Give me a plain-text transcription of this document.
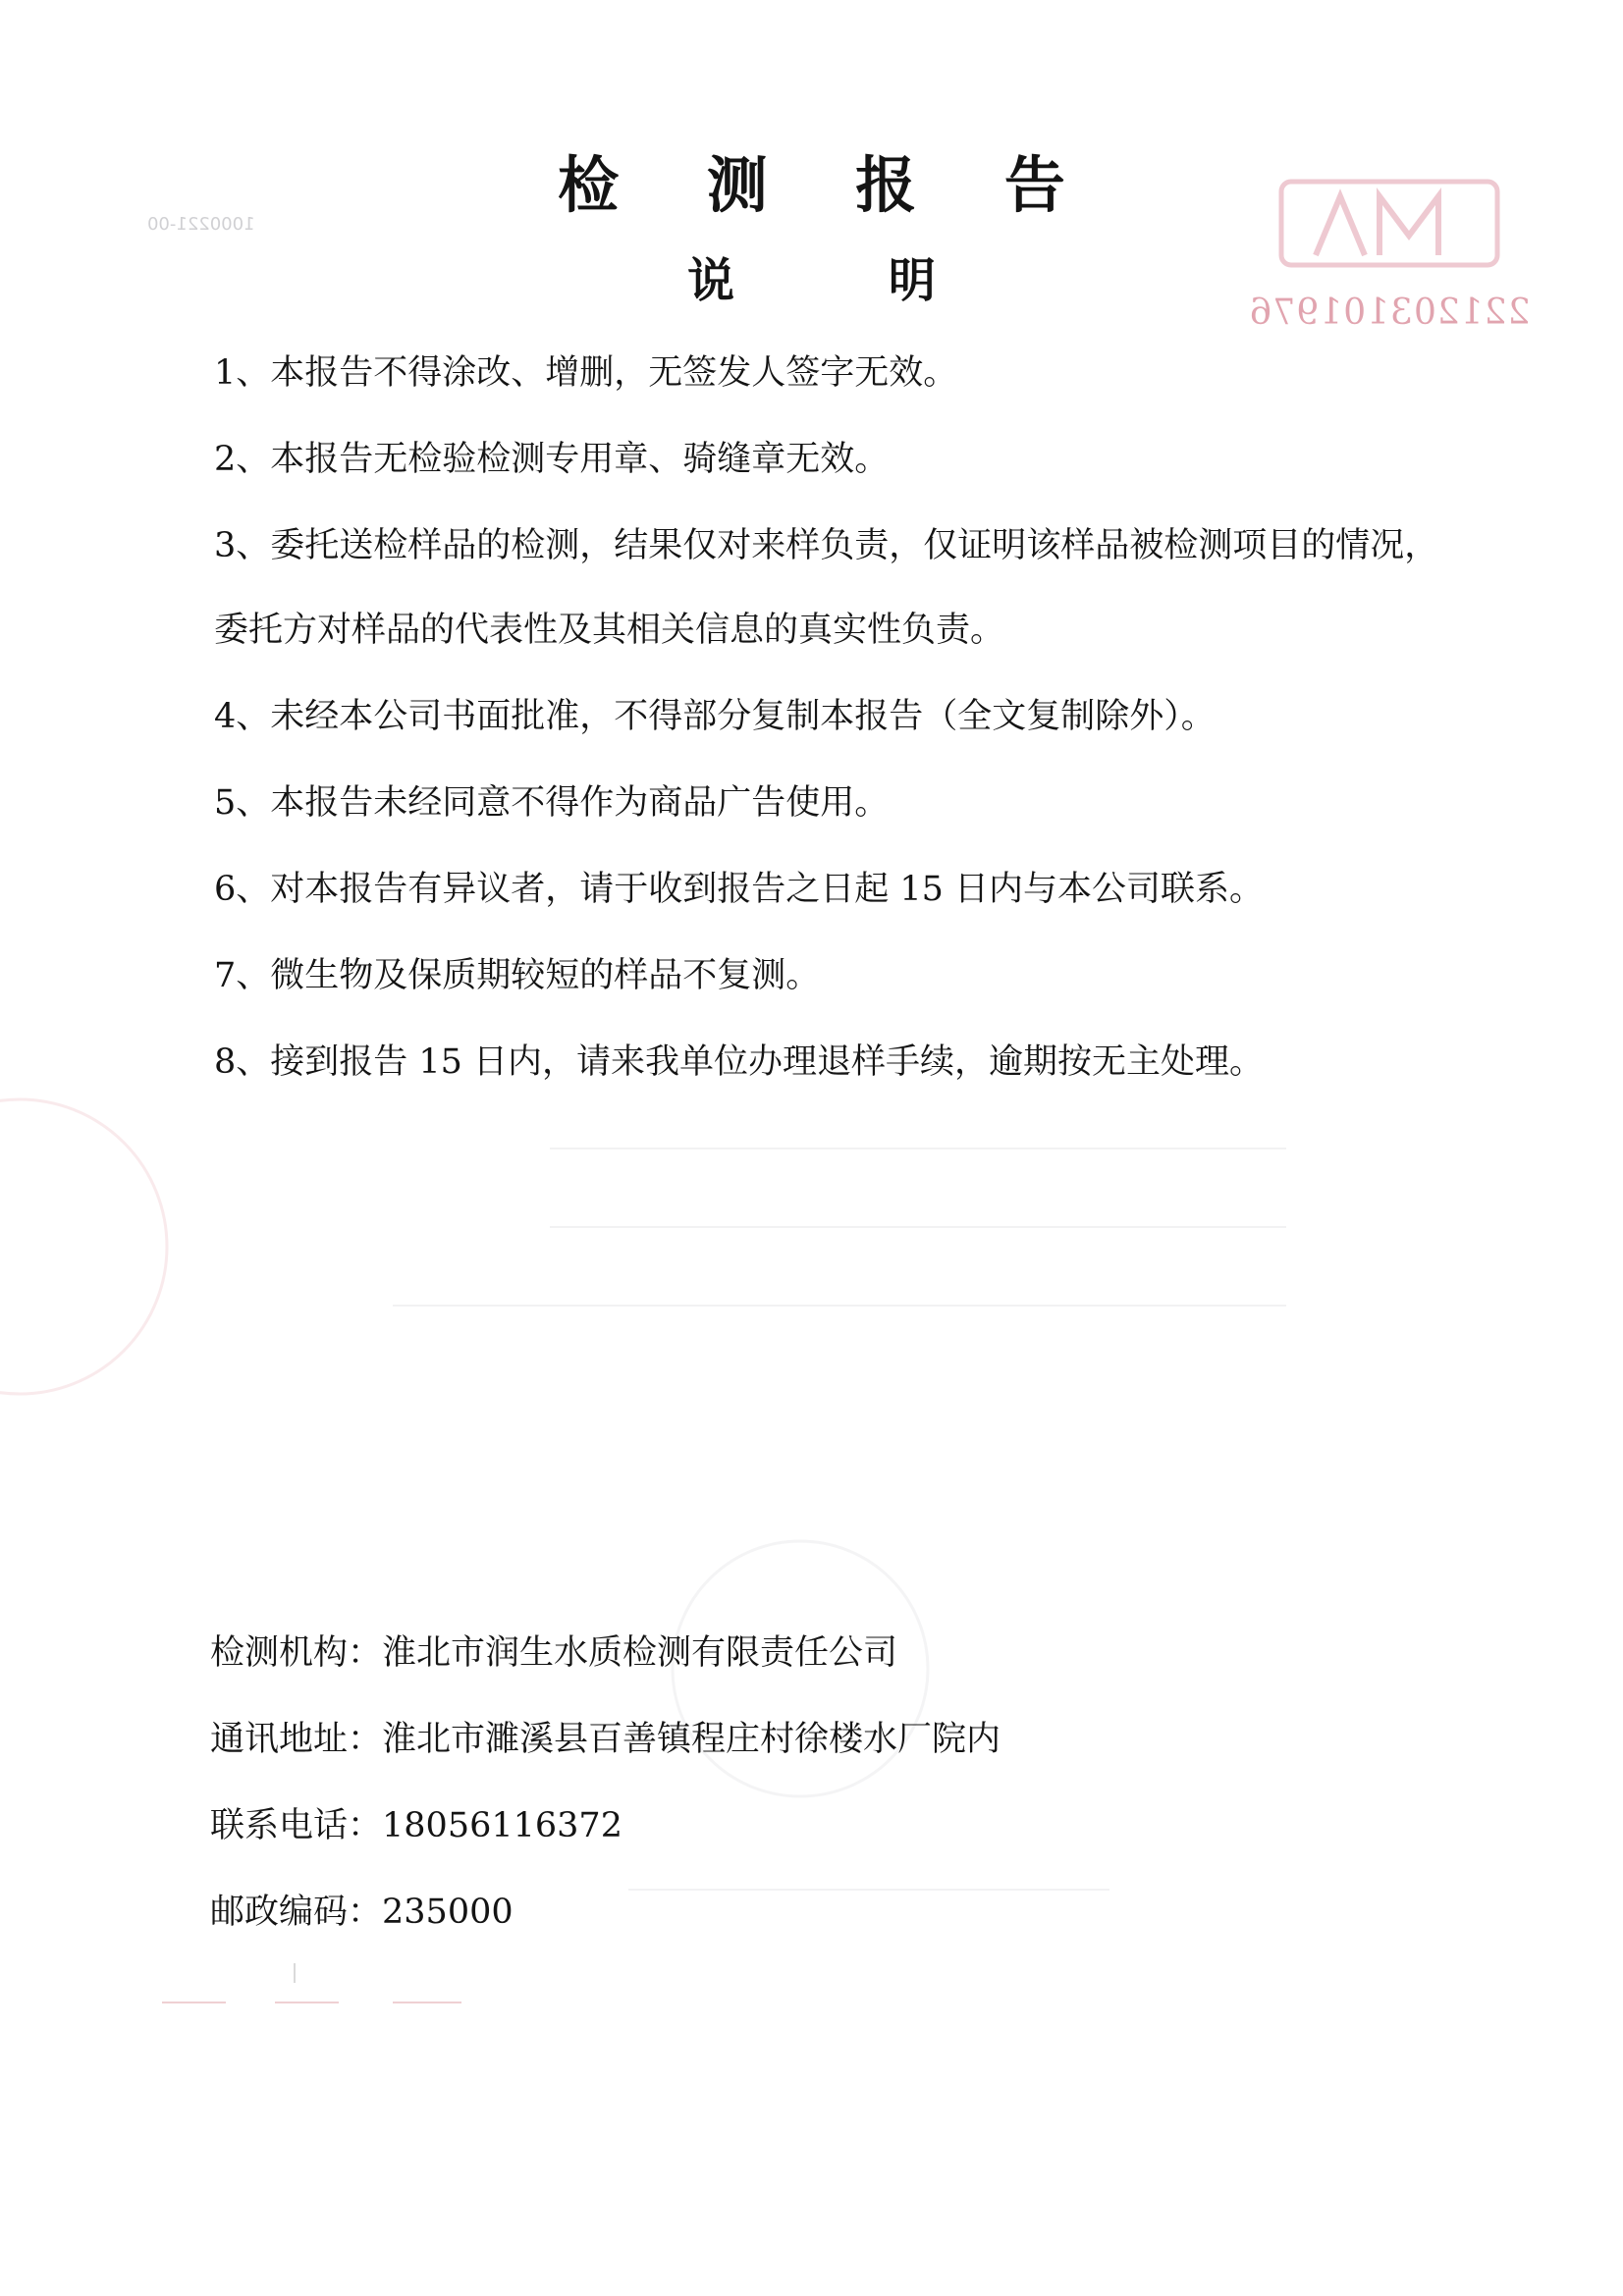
221203101976
1000221-00
检 测 报 告
说 明
1、本报告不得涂改、增删，无签发人签字无效。
2、本报告无检验检测专用章、骑缝章无效。
3、委托送检样品的检测，结果仅对来样负责，仅证明该样品被检测项目的情况，
委托方对样品的代表性及其相关信息的真实性负责。
4、未经本公司书面批准，不得部分复制本报告（全文复制除外）。
5、本报告未经同意不得作为商品广告使用。
6、对本报告有异议者，请于收到报告之日起 15 日内与本公司联系。
7、微生物及保质期较短的样品不复测。
8、接到报告 15 日内，请来我单位办理退样手续，逾期按无主处理。
检测机构：淮北市润生水质检测有限责任公司
通讯地址：淮北市濉溪县百善镇程庄村徐楼水厂院内
联系电话：18056116372
邮政编码：235000
